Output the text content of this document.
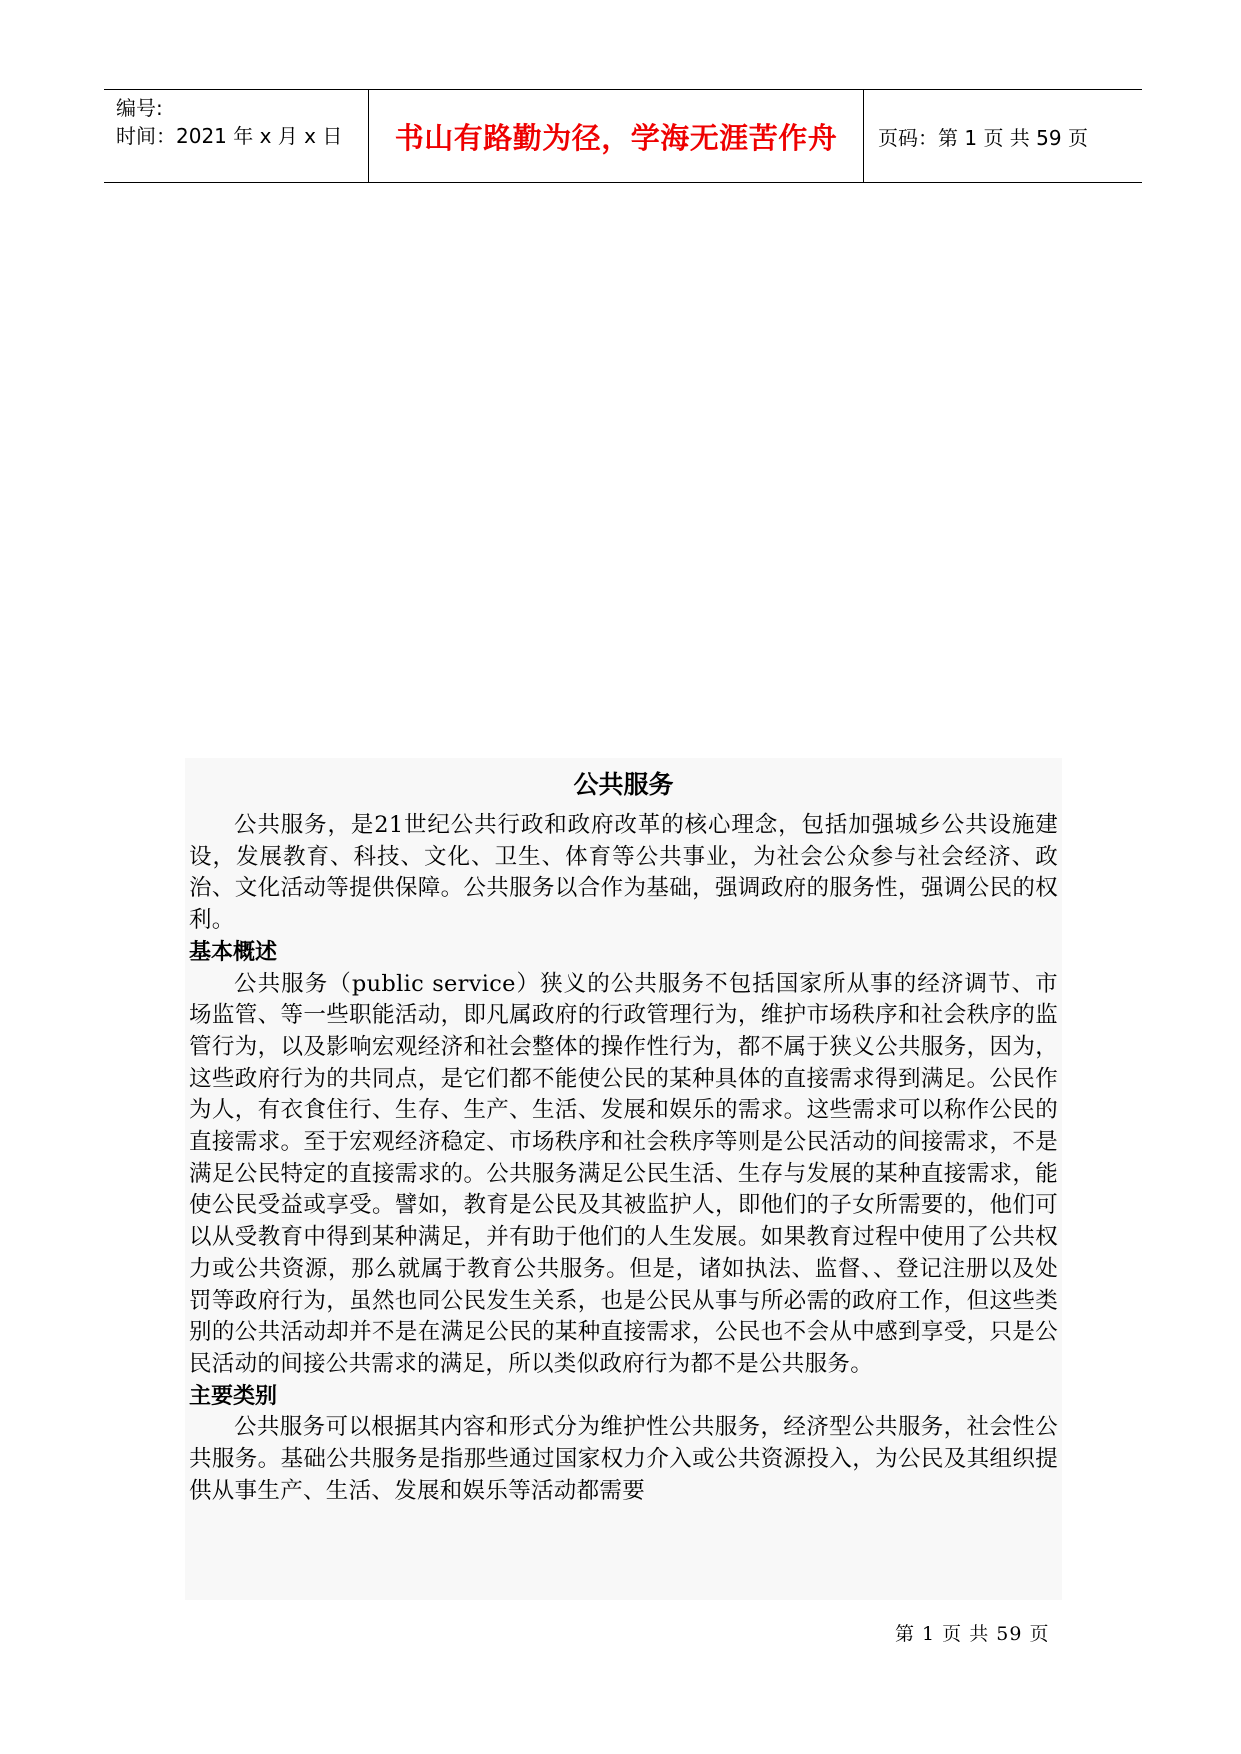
编号:
时间：2021 年 x 月 x 日	书山有路勤为径，学海无涯苦作舟 页码：第 1 页 共 59 页
公共服务

公共服务，是21世纪公共行政和政府改革的核心理念，包括加强城乡公共设施建设，发展教育、科技、文化、卫生、体育等公共事业，为社会公众参与社会经济、政治、文化活动等提供保障。公共服务以合作为基础，强调政府的服务性，强调公民的权利。

基本概述

公共服务（public service）狭义的公共服务不包括国家所从事的经济调节、市场监管、等一些职能活动，即凡属政府的行政管理行为，维护市场秩序和社会秩序的监管行为，以及影响宏观经济和社会整体的操作性行为，都不属于狭义公共服务，因为，这些政府行为的共同点，是它们都不能使公民的某种具体的直接需求得到满足。公民作为人，有衣食住行、生存、生产、生活、发展和娱乐的需求。这些需求可以称作公民的直接需求。至于宏观经济稳定、市场秩序和社会秩序等则是公民活动的间接需求，不是满足公民特定的直接需求的。公共服务满足公民生活、生存与发展的某种直接需求，能使公民受益或享受。譬如，教育是公民及其被监护人，即他们的子女所需要的，他们可以从受教育中得到某种满足，并有助于他们的人生发展。如果教育过程中使用了公共权力或公共资源，那么就属于教育公共服务。但是，诸如执法、监督、、登记注册以及处罚等政府行为，虽然也同公民发生关系，也是公民从事与所必需的政府工作，但这些类别的公共活动却并不是在满足公民的某种直接需求，公民也不会从中感到享受，只是公民活动的间接公共需求的满足，所以类似政府行为都不是公共服务。

主要类别

公共服务可以根据其内容和形式分为维护性公共服务，经济型公共服务，社会性公共服务。基础公共服务是指那些通过国家权力介入或公共资源投入，为公民及其组织提供从事生产、生活、发展和娱乐等活动都需要

第 1 页 共 59 页
